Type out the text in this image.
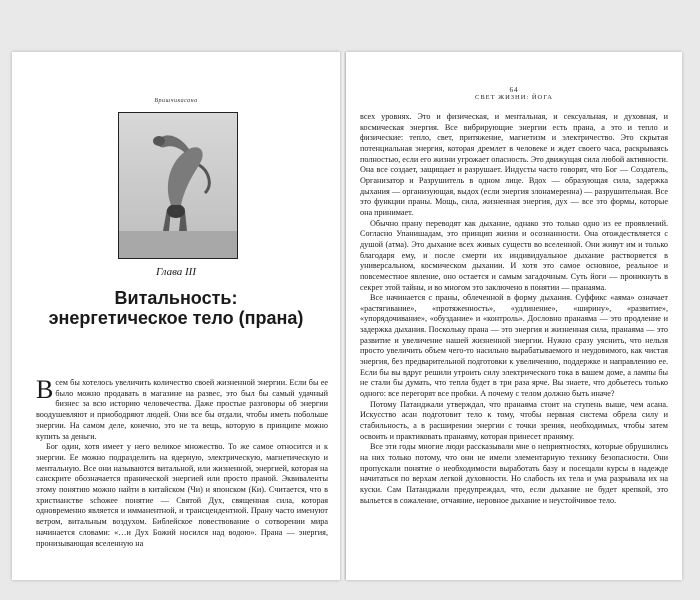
Вришчикасана
Глава III
Витальность:
энергетическое тело (прана)

Всем бы хотелось увеличить количество своей жизненной энергии. Если бы ее было можно продавать в магазине на развес, это был бы самый удачный бизнес за всю историю человечества. Даже простые разговоры об энергии воодушевляют и приободряют людей. Они все бы отдали, чтобы иметь побольше энергии. На самом деле, конечно, это не та вещь, которую в принципе можно купить за деньги.

Бог один, хотя имеет у него великое множество. То же самое относится и к энергии. Ее можно подразделить на ядерную, электрическую, магнетическую и ментальную. Все они называются витальной, или жизненной, энергией, которая на санскрите обозначается праничеcкой энергией или просто праной. Эквиваленты этому понятию можно найти в китайском (Чи) и японском (Ки). Считается, что в христианстве schожее понятие — Святой Дух, священная сила, которая одновременно является и имманентной, и трансцендентной. Прану часто именуют ветром, витальным воздухом. Библейское повествование о сотворении мира начинается словами: «…и Дух Божий носился над водою». Прана — энергия, пронизывающая вселенную на

64
СВЕТ ЖИЗНИ: ЙОГА

всех уровнях. Это и физическая, и ментальная, и сексуальная, и духовная, и космическая энергия. Все вибрирующие энергии есть прана, а это и тепло и физические: тепло, свет, притяжение, магнетизм и электричество. Это скрытая потенциальная энергия, которая дремлет в человеке и ждет своего часа, раскрываясь полностью, если его жизни угрожает опасность. Это движущая сила любой активности. Она все создает, защищает и разрушает. Индусты часто говорят, что Бог — Создатель, Организатор и Разрушитель в одном лице. Вдох — образующая сила, задержка дыхания — организующая, выдох (если энергия злонамеренна) — разрушительная. Все это функции праны. Мощь, сила, жизненная энергия, дух — все это формы, которые она принимает.

Обычно прану переводят как дыхание, однако это только одно из ее проявлений. Согласно Упанишадам, это принцип жизни и осознанности. Она отождествляется с душой (атма). Это дыхание всех живых существ во вселенной. Они живут им и только благодаря ему, и после смерти их индивидуальное дыхание растворяется в универсальном, космическом дыхании. И хотя это самое основное, реальное и повсеместное явление, оно остается и самым загадочным. Суть йоги — проникнуть в секрет этой тайны, и во многом это заключено в понятии — пранаяма.

Все начинается с праны, облеченной в форму дыхания. Суффикс «аяма» означает «растягивание», «протяженность», «удлинение», «ширину», «развитие», «упорядочивание», «обуздание» и «контроль». Дословно пранаяма — это продление и задержка дыхания. Поскольку прана — это энергия и жизненная сила, пранаяма — это развитие и увеличение нашей жизненной энергии. Нужно сразу уяснить, что нельзя просто увеличить объем чего-то насильно вырабатываемого и неудовимого, как чистая энергия, без предварительной подготовки к увеличению, поддержке и направлению ее. Если бы вы вдруг решили утроить силу электрического тока в вашем доме, а лампы бы не стали бы думать, что тепла будет в три раза ярче. Вы знаете, что добьетесь только одного: все перегорят все пробки. А почему с телом должно быть иначе?

Потому Патанджали утверждал, что пранаяма стоит на ступень выше, чем асана. Искусство асан подготовит тело к тому, чтобы нервная система обрела силу и стабильность, а в расширении энергии с точки зрения, необходимых, чтобы затем освоить и практиковать пранаяму, которая принесет праняму.

Все эти годы многие люди рассказывали мне о неприятностях, которые обрушились на них только потому, что они не имели элементарную технику безопасности. Они пропускали понятие о необходимости выработать базу и посещали курсы в надежде начитаться по верхам легкой духовности. Но слабость их тела и ума разрывала их на куски. Сам Патанджали предупреждал, что, если дыхание не будет крепкой, это выльется в сожаление, отчаяние, неровное дыхание и неустойчивое тело.
